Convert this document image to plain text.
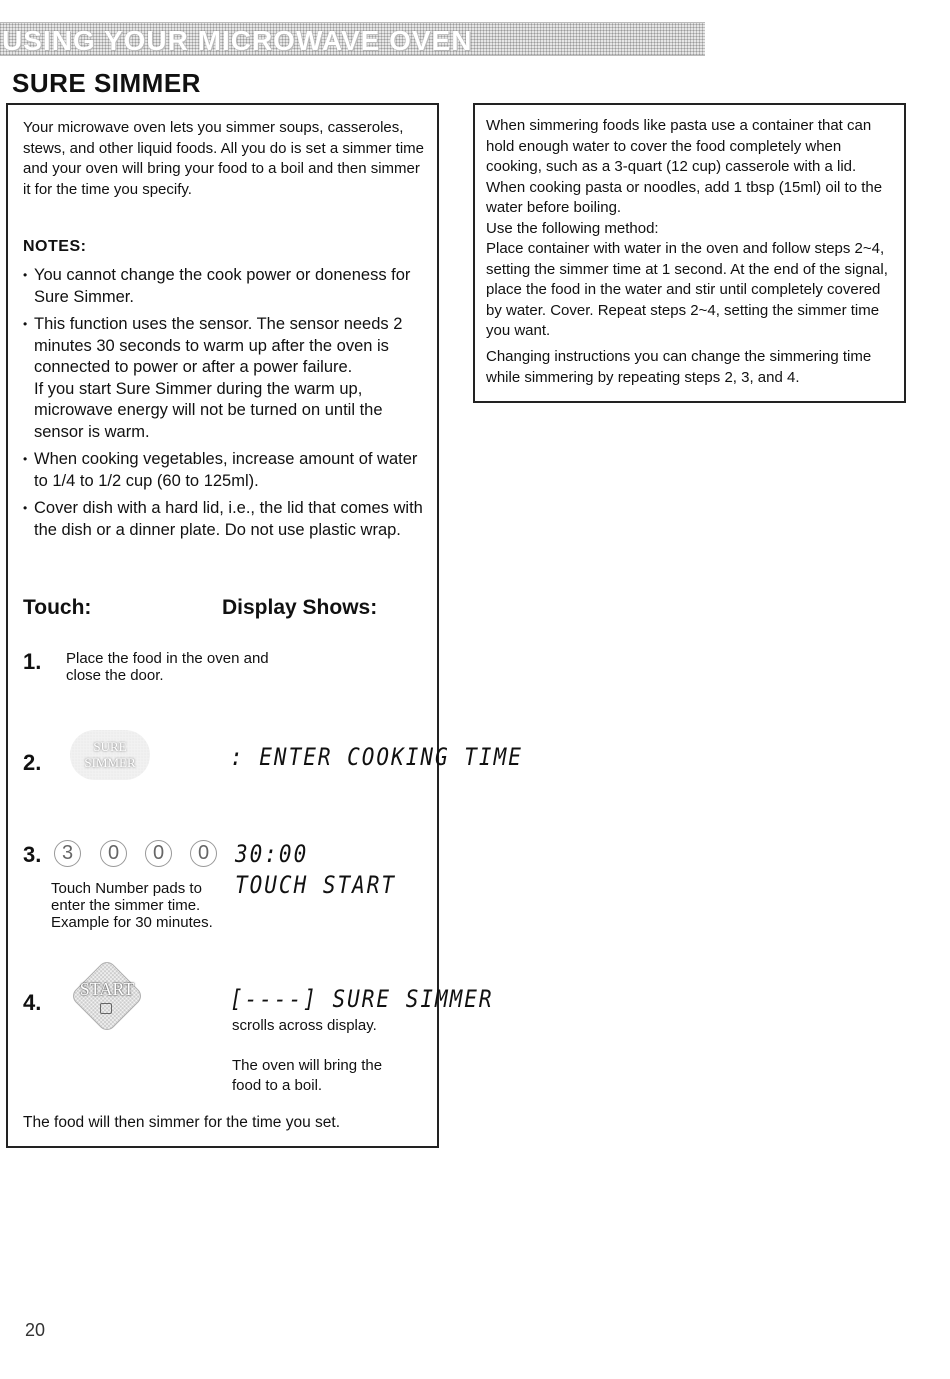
USING YOUR MICROWAVE OVEN
SURE SIMMER

Your microwave oven lets you simmer soups, casseroles, stews, and other liquid foods. All you do is set a simmer time and your oven will bring your food to a boil and then simmer it for the time you specify.

NOTES:

• You cannot change the cook power or doneness for Sure Simmer.
• This function uses the sensor. The sensor needs 2 minutes 30 seconds to warm up after the oven is connected to power or after a power failure.
If you start Sure Simmer during the warm up, microwave energy will not be turned on until the sensor is warm.
• When cooking vegetables, increase amount of water to 1/4 to 1/2 cup (60 to 125ml).
• Cover dish with a hard lid, i.e., the lid that comes with the dish or a dinner plate. Do not use plastic wrap.
Touch:	Display Shows:
1. Place the food in the oven and close the door.
2.
SURE SIMMER	: ENTER COOKING TIME
3.	3	0	0	0
Touch Number pads to enter the simmer time. Example for 30 minutes.
30:00
TOUCH START
4.
START	[----] SURE SIMMER
scrolls across display.
The oven will bring the food to a boil.
The food will then simmer for the time you set.

When simmering foods like pasta use a container that can hold enough water to cover the food completely when cooking, such as a 3-quart (12 cup) casserole with a lid. When cooking pasta or noodles, add 1 tbsp (15ml) oil to the water before boiling.

Use the following method:

Place container with water in the oven and follow steps 2~4, setting the simmer time at 1 second. At the end of the signal, place the food in the water and stir until completely covered by water. Cover. Repeat steps 2~4, setting the simmer time you want.

Changing instructions you can change the simmering time while simmering by repeating steps 2, 3, and 4.

20
